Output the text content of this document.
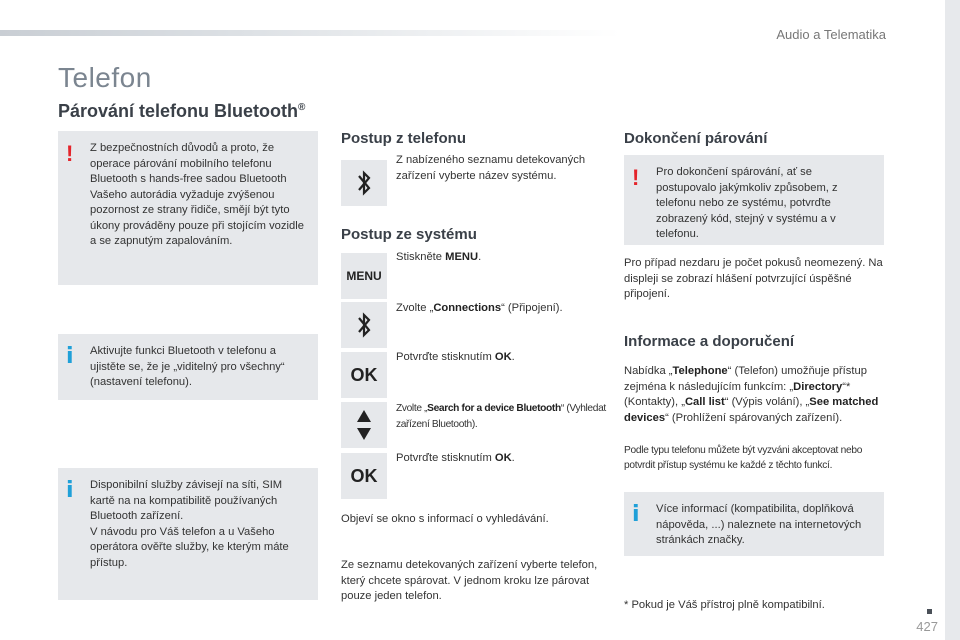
Audio a Telematika
Telefon
Párování telefonu Bluetooth®
! Z bezpečnostních důvodů a proto, že operace párování mobilního telefonu Bluetooth s hands-free sadou Bluetooth Vašeho autorádia vyžaduje zvýšenou pozornost ze strany řidiče, smějí být tyto úkony prováděny pouze při stojícím vozidle a se zapnutým zapalováním.
i Aktivujte funkci Bluetooth v telefonu a ujistěte se, že je „viditelný pro všechny“ (nastavení telefonu).
i Disponibilní služby závisejí na síti, SIM kartě na na kompatibilitě používaných Bluetooth zařízení.
V návodu pro Váš telefon a u Vašeho operátora ověřte služby, ke kterým máte přístup.
Postup z telefonu
Z nabízeného seznamu detekovaných zařízení vyberte název systému.
Postup ze systému
MENU
Stiskněte MENU.
Zvolte „Connections“ (Připojení).
OK
Potvrďte stisknutím OK.
Zvolte „Search for a device Bluetooth“ (Vyhledat zařízení Bluetooth).
OK
Potvrďte stisknutím OK.
Objeví se okno s informací o vyhledávání.
Ze seznamu detekovaných zařízení vyberte telefon, který chcete spárovat. V jednom kroku lze párovat pouze jeden telefon.
Dokončení párování
! Pro dokončení spárování, ať se postupovalo jakýmkoliv způsobem, z telefonu nebo ze systému, potvrďte zobrazený kód, stejný v systému a v telefonu.
Pro případ nezdaru je počet pokusů neomezený. Na displeji se zobrazí hlášení potvrzující úspěšné připojení.
Informace a doporučení
Nabídka „Telephone“ (Telefon) umožňuje přístup zejména k následujícím funkcím: „Directory“* (Kontakty), „Call list“ (Výpis volání), „See matched devices“ (Prohlížení spárovaných zařízení).
Podle typu telefonu můžete být vyzváni akceptovat nebo potvrdit přístup systému ke každé z těchto funkcí.
i Více informací (kompatibilita, doplňková nápověda, ...) naleznete na internetových stránkách značky.
* Pokud je Váš přístroj plně kompatibilní.
427
